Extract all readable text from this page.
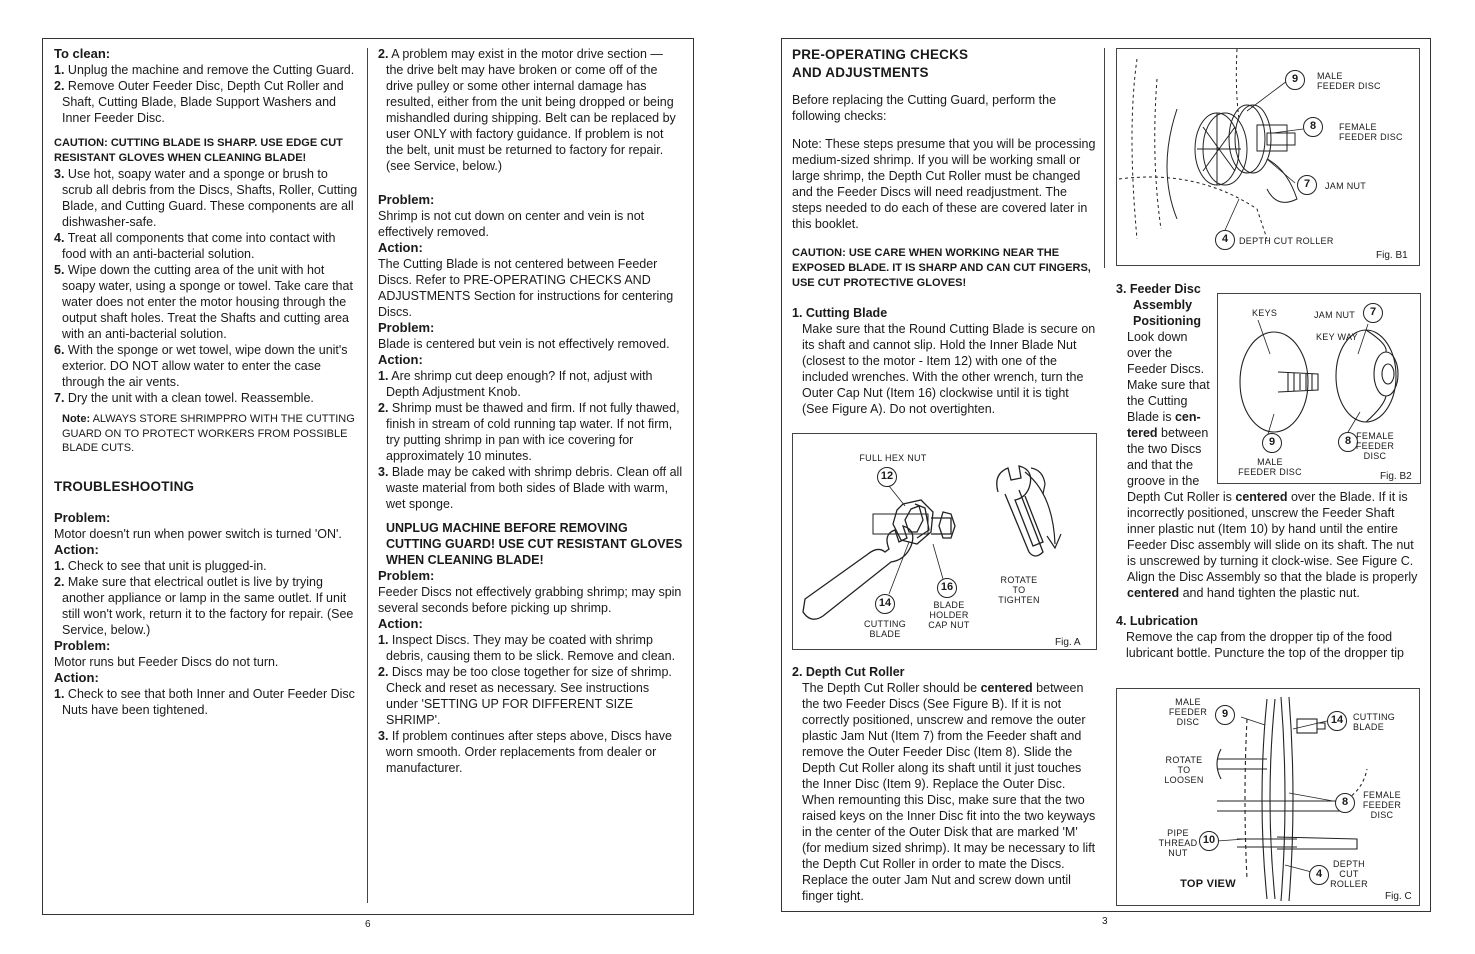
6

To clean:

1. Unplug the machine and remove the Cutting Guard.

2. Remove Outer Feeder Disc, Depth Cut Roller and Shaft, Cutting Blade, Blade Support Washers and Inner Feeder Disc.

CAUTION: CUTTING BLADE IS SHARP. USE EDGE CUT RESISTANT GLOVES WHEN CLEANING BLADE!

3. Use hot, soapy water and a sponge or brush to scrub all debris from the Discs, Shafts, Roller, Cutting Blade, and Cutting Guard. These components are all dishwasher-safe.

4. Treat all components that come into contact with food with an anti-bacterial solution.

5. Wipe down the cutting area of the unit with hot soapy water, using a sponge or towel. Take care that water does not enter the motor housing through the output shaft holes. Treat the Shafts and cutting area with an anti-bacterial solution.

6. With the sponge or wet towel, wipe down the unit's exterior. DO NOT allow water to enter the case through the air vents.

7. Dry the unit with a clean towel. Reassemble.

Note: ALWAYS STORE SHRIMPPRO WITH THE CUTTING GUARD ON TO PROTECT WORKERS FROM POSSIBLE BLADE CUTS.

TROUBLESHOOTING

Problem:

Motor doesn't run when power switch is turned 'ON'.

Action:

1. Check to see that unit is plugged-in.

2. Make sure that electrical outlet is live by trying another appliance or lamp in the same outlet. If unit still won't work, return it to the factory for repair. (See Service, below.)

Problem:

Motor runs but Feeder Discs do not turn.

Action:

1. Check to see that both Inner and Outer Feeder Disc Nuts have been tightened.

2. A problem may exist in the motor drive section — the drive belt may have broken or come off of the drive pulley or some other internal damage has resulted, either from the unit being dropped or being mishandled during shipping. Belt can be replaced by user ONLY with factory guidance. If problem is not the belt, unit must be returned to factory for repair. (see Service, below.)

Problem:

Shrimp is not cut down on center and vein is not effectively removed.

Action:

The Cutting Blade is not centered between Feeder Discs. Refer to PRE-OPERATING CHECKS AND ADJUSTMENTS Section for instructions for centering Discs.

Problem:

Blade is centered but vein is not effectively removed.

Action:

1. Are shrimp cut deep enough? If not, adjust with Depth Adjustment Knob.

2. Shrimp must be thawed and firm. If not fully thawed, finish in stream of cold running tap water. If not firm, try putting shrimp in pan with ice covering for approximately 10 minutes.

3. Blade may be caked with shrimp debris. Clean off all waste material from both sides of Blade with warm, wet sponge.

UNPLUG MACHINE BEFORE REMOVING CUTTING GUARD! USE CUT RESISTANT GLOVES WHEN CLEANING BLADE!

Problem:

Feeder Discs not effectively grabbing shrimp; may spin several seconds before picking up shrimp.

Action:

1. Inspect Discs. They may be coated with shrimp debris, causing them to be slick. Remove and clean.

2. Discs may be too close together for size of shrimp. Check and reset as necessary. See instructions under 'SETTING UP FOR DIFFERENT SIZE SHRIMP'.

3. If problem continues after steps above, Discs have worn smooth. Order replacements from dealer or manufacturer.

3

PRE-OPERATING CHECKS

AND ADJUSTMENTS

Before replacing the Cutting Guard, perform the following checks:

Note: These steps presume that you will be processing medium-sized shrimp. If you will be working small or large shrimp, the Depth Cut Roller must be changed and the Feeder Discs will need readjustment. The steps needed to do each of these are covered later in this booklet.

CAUTION: USE CARE WHEN WORKING NEAR THE EXPOSED BLADE. IT IS SHARP AND CAN CUT FINGERS, USE CUT PROTECTIVE GLOVES!

1. Cutting Blade

Make sure that the Round Cutting Blade is secure on its shaft and cannot slip. Hold the Inner Blade Nut (closest to the motor - Item 12) with one of the included wrenches. With the other wrench, turn the Outer Cap Nut (Item 16) clockwise until it is tight (See Figure A). Do not overtighten.

FULL HEX NUT
12
16
14	BLADE
HOLDER
CAP NUT
CUTTING
BLADE
ROTATE
TO
TIGHTEN
Fig. A

2. Depth Cut Roller

The Depth Cut Roller should be centered between the two Feeder Discs (See Figure B). If it is not correctly positioned, unscrew and remove the outer plastic Jam Nut (Item 7) from the Feeder shaft and remove the Outer Feeder Disc (Item 8). Slide the Depth Cut Roller along its shaft until it just touches the Inner Disc (Item 9). Replace the Outer Disc. When remounting this Disc, make sure that the two raised keys on the Inner Disc fit into the two keyways in the center of the Outer Disk that are marked 'M' (for medium sized shrimp). It may be necessary to lift the Depth Cut Roller in order to mate the Discs. Replace the outer Jam Nut and screw down until finger tight.

9	MALE
FEEDER DISC
8	FEMALE
FEEDER DISC
7	JAM NUT
4	DEPTH CUT ROLLER
Fig. B1

3. Feeder Disc

Assembly

Positioning

Look down

over the

Feeder Discs.

Make sure that

the Cutting

Blade is cen-

tered between

the two Discs

and that the

groove in the

Depth Cut Roller is centered over the Blade. If it is incorrectly positioned, unscrew the Feeder Shaft inner plastic nut (Item 10) by hand until the entire Feeder Disc assembly will slide on its shaft. The nut is unscrewed by turning it clock-wise. See Figure C. Align the Disc Assembly so that the blade is properly centered and hand tighten the plastic nut.

4. Lubrication

Remove the cap from the dropper tip of the food lubricant bottle. Puncture the top of the dropper tip

KEYS	JAM NUT	7
KEY WAY
9	8 FEMALE
FEEDER
DISC
MALE
FEEDER DISC	Fig. B2
MALE
FEEDER
DISC
9	14	CUTTING
BLADE
ROTATE
TO
LOOSEN
8
FEMALE
FEEDER
DISC
PIPE
THREAD
NUT
10
4
DEPTH
CUT
ROLLER
TOP VIEW
Fig. C
